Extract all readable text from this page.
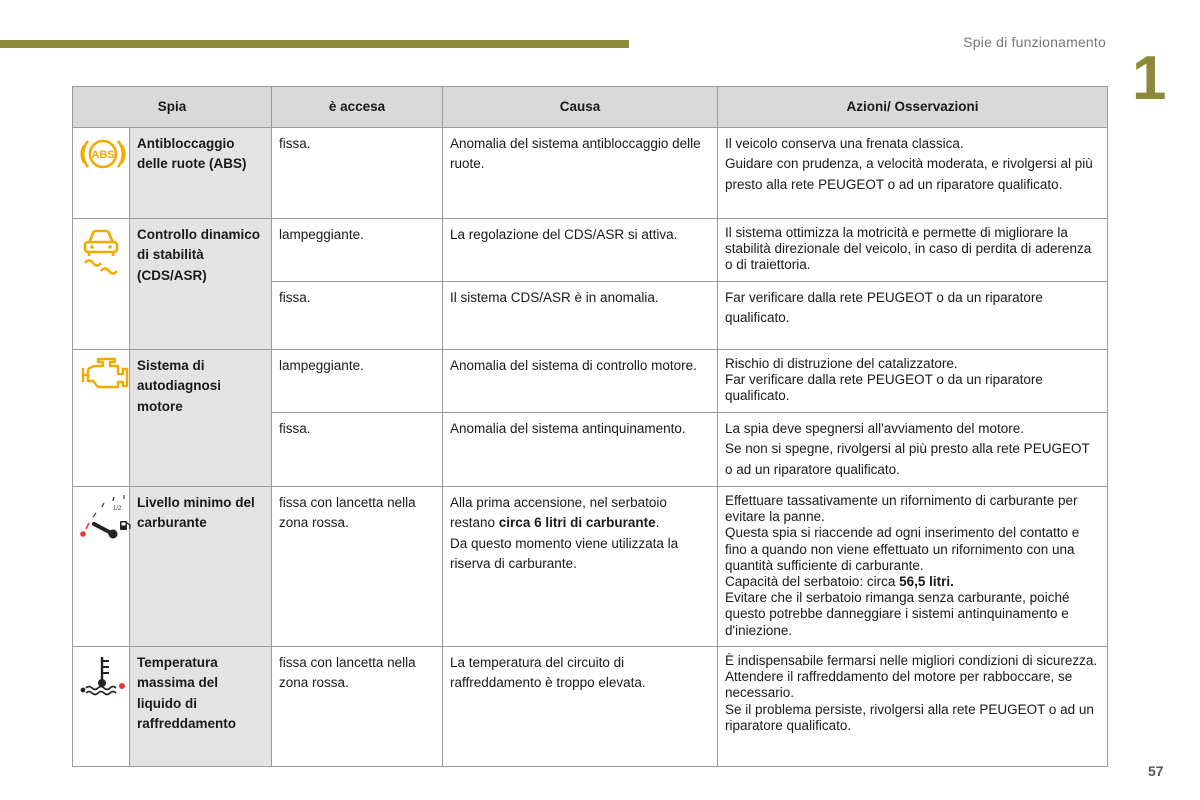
Spie di funzionamento
1
Spia		è accesa	Causa	Azioni/ Osservazioni

ABS	Antibloccaggio delle ruote (ABS)	fissa.	Anomalia del sistema antibloccaggio delle ruote.	Il veicolo conserva una frenata classica.
Guidare con prudenza, a velocità moderata, e rivolgersi al più presto alla rete PEUGEOT o ad un riparatore qualificato.

	Controllo dinamico di stabilità (CDS/ASR)	lampeggiante.	La regolazione del CDS/ASR si attiva.	Il sistema ottimizza la motricità e permette di migliorare la stabilità direzionale del veicolo, in caso di perdita di aderenza o di traiettoria.
		fissa.	Il sistema CDS/ASR è in anomalia.	Far verificare dalla rete PEUGEOT o da un riparatore qualificato.
	Sistema di autodiagnosi motore	lampeggiante.	Anomalia del sistema di controllo motore.	Rischio di distruzione del catalizzatore.
Far verificare dalla rete PEUGEOT o da un riparatore qualificato.

		fissa.	Anomalia del sistema antinquinamento.	La spia deve spegnersi all'avviamento del motore.
Se non si spegne, rivolgersi al più presto alla rete PEUGEOT o ad un riparatore qualificato.

1/2	Livello minimo del carburante	fissa con lancetta nella zona rossa.	Alla prima accensione, nel serbatoio restano circa 6 litri di carburante.
Da questo momento viene utilizzata la riserva di carburante.	Effettuare tassativamente un rifornimento di carburante per evitare la panne.
Questa spia si riaccende ad ogni inserimento del contatto e fino a quando non viene effettuato un rifornimento con una quantità sufficiente di carburante.
Capacità del serbatoio: circa 56,5 litri.
Evitare che il serbatoio rimanga senza carburante, poiché questo potrebbe danneggiare i sistemi antinquinamento e d'iniezione.

	Temperatura massima del liquido di raffreddamento	fissa con lancetta nella zona rossa.	La temperatura del circuito di raffreddamento è troppo elevata.	È indispensabile fermarsi nelle migliori condizioni di sicurezza.
Attendere il raffreddamento del motore per rabboccare, se necessario.
Se il problema persiste, rivolgersi alla rete PEUGEOT o ad un riparatore qualificato.
57
